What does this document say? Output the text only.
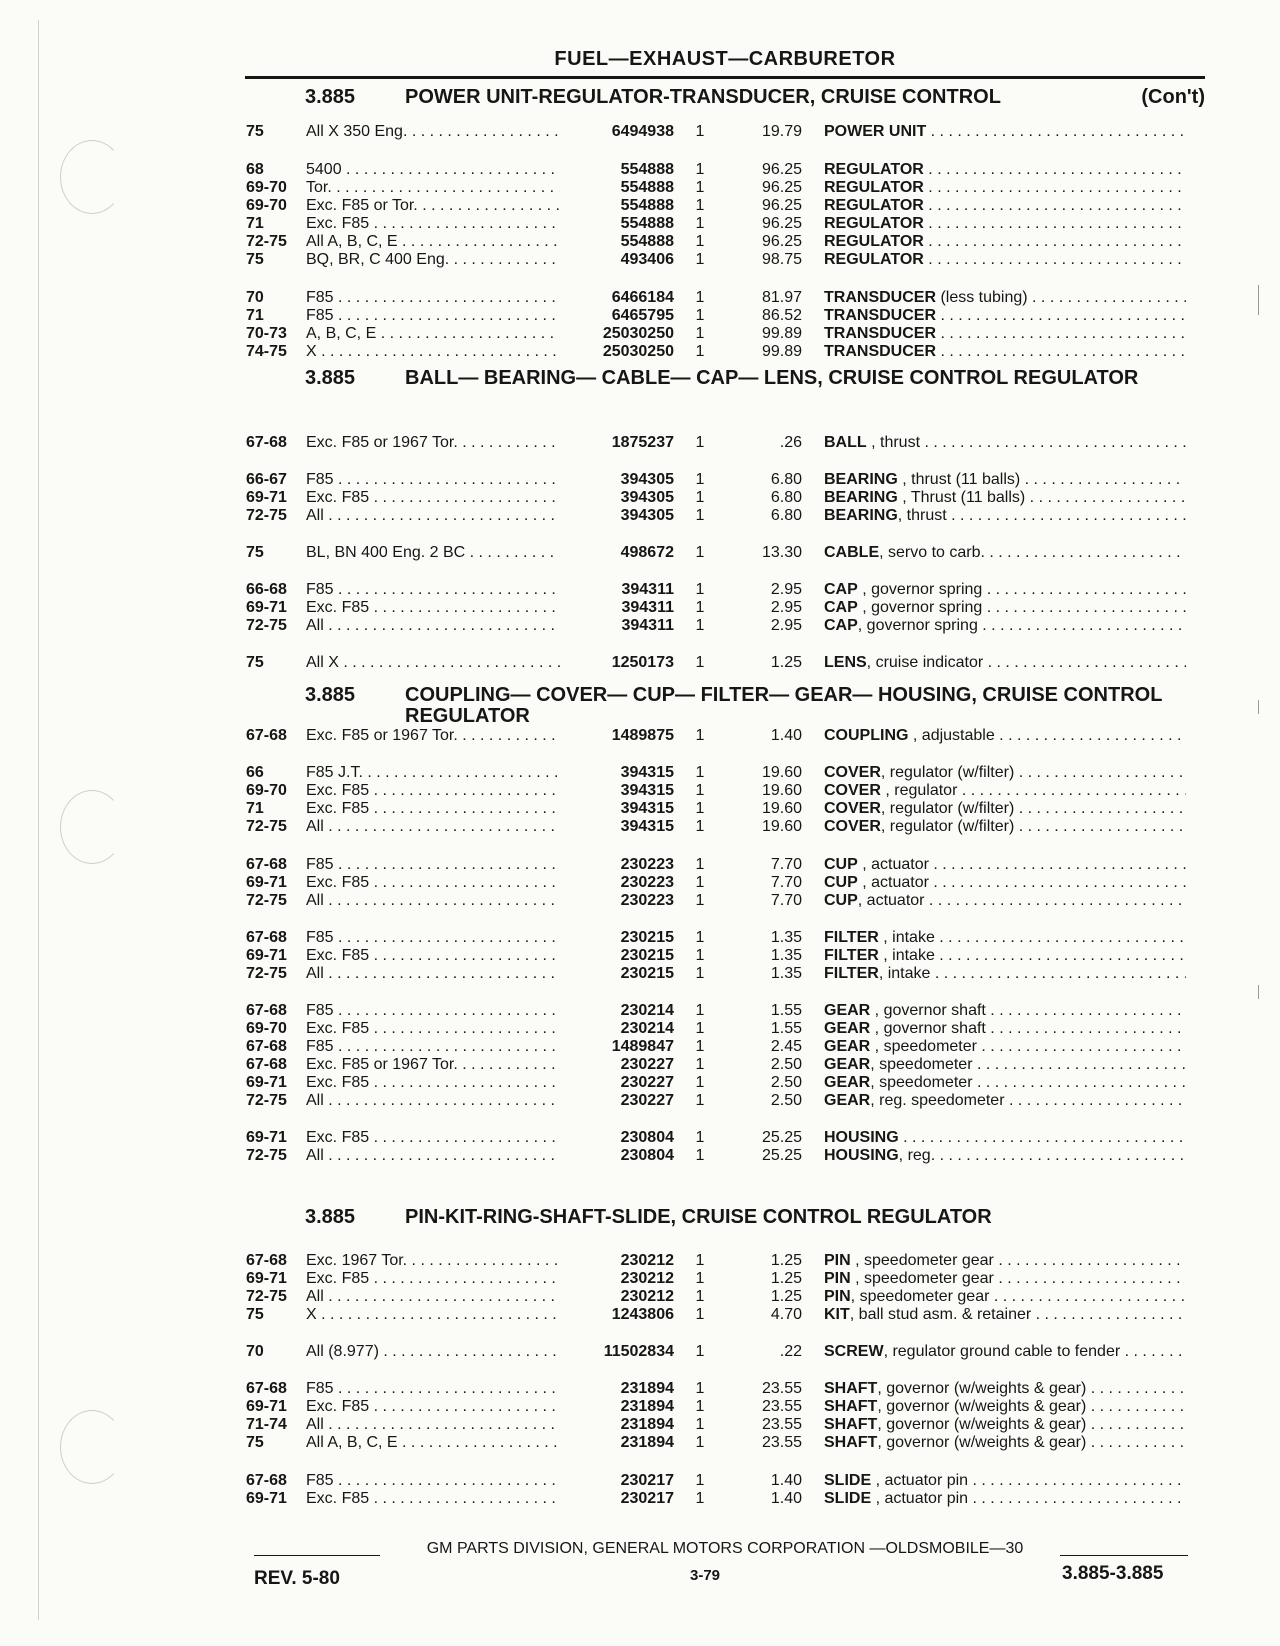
FUEL—EXHAUST—CARBURETOR
3.885 POWER UNIT-REGULATOR-TRANSDUCER, CRUISE CONTROL	(Con't)
75	All X 350 Eng. . . .	6494938	1	19.79 POWER UNIT . . .
68	5400 . . .	554888	1	96.25 REGULATOR . . .
69-70 Tor. . . .	554888	1	96.25 REGULATOR . . .
69-70 Exc. F85 or Tor. . . .	554888	1	96.25 REGULATOR . . .
71	Exc. F85 . . .	554888	1	96.25 REGULATOR . . .
72-75 All A, B, C, E . . .	554888	1	96.25 REGULATOR . . .
75	BQ, BR, C 400 Eng. . . .	493406	1	98.75 REGULATOR . . .
70	F85 . . .	6466184	1	81.97 TRANSDUCER (less tubing) . . .
71	F85 . . .	6465795	1	86.52 TRANSDUCER . . .
70-73 A, B, C, E . . .	25030250	1	99.89 TRANSDUCER . . .
74-75 X . . .	25030250	1	99.89 TRANSDUCER . . .
3.885 BALL— BEARING— CABLE— CAP— LENS, CRUISE CONTROL REGULATOR
67-68 Exc. F85 or 1967 Tor. . . .	1875237	1	.26 BALL , thrust . . .
66-67 F85 . . .	394305	1	6.80 BEARING , thrust (11 balls) . . .
69-71 Exc. F85 . . .	394305	1	6.80 BEARING , Thrust (11 balls) . . .
72-75 All . . .	394305	1	6.80 BEARING, thrust . . .
75	BL, BN 400 Eng. 2 BC . . .	498672	1	13.30 CABLE, servo to carb. . . .
66-68 F85 . . .	394311	1	2.95 CAP , governor spring . . .
69-71 Exc. F85 . . .	394311	1	2.95 CAP , governor spring . . .
72-75 All . . .	394311	1	2.95 CAP, governor spring . . .
75	All X . . .	1250173	1	1.25 LENS, cruise indicator . . .
3.885 COUPLING— COVER— CUP— FILTER— GEAR— HOUSING, CRUISE CONTROL REGULATOR
67-68 Exc. F85 or 1967 Tor. . . .	1489875	1	1.40 COUPLING , adjustable . . .
66	F85 J.T. . . .	394315	1	19.60 COVER, regulator (w/filter) . . .
69-70 Exc. F85 . . .	394315	1	19.60 COVER , regulator . . .
71	Exc. F85 . . .	394315	1	19.60 COVER, regulator (w/filter) . . .
72-75 All . . .	394315	1	19.60 COVER, regulator (w/filter) . . .
67-68 F85 . . .	230223	1	7.70 CUP , actuator . . .
69-71 Exc. F85 . . .	230223	1	7.70 CUP , actuator . . .
72-75 All . . .	230223	1	7.70 CUP, actuator . . .
67-68 F85 . . .	230215	1	1.35 FILTER , intake . . .
69-71 Exc. F85 . . .	230215	1	1.35 FILTER , intake . . .
72-75 All . . .	230215	1	1.35 FILTER, intake . . .
67-68 F85 . . .	230214	1	1.55 GEAR , governor shaft . . .
69-70 Exc. F85 . . .	230214	1	1.55 GEAR , governor shaft . . .
67-68 F85 . . .	1489847	1	2.45 GEAR , speedometer . . .
67-68 Exc. F85 or 1967 Tor. . . .	230227	1	2.50 GEAR, speedometer . . .
69-71 Exc. F85 . . .	230227	1	2.50 GEAR, speedometer . . .
72-75 All . . .	230227	1	2.50 GEAR, reg. speedometer . . .
69-71 Exc. F85 . . .	230804	1	25.25 HOUSING . . .
72-75 All . . .	230804	1	25.25 HOUSING, reg. . . .
3.885 PIN-KIT-RING-SHAFT-SLIDE, CRUISE CONTROL REGULATOR
67-68 Exc. 1967 Tor. . . .	230212	1	1.25 PIN , speedometer gear . . .
69-71 Exc. F85 . . .	230212	1	1.25 PIN , speedometer gear . . .
72-75 All . . .	230212	1	1.25 PIN, speedometer gear . . .
75	X . . .	1243806	1	4.70 KIT, ball stud asm. & retainer . . .
70	All (8.977) . . .	11502834	1	.22 SCREW, regulator ground cable to fender . . .
67-68 F85 . . .	231894	1	23.55 SHAFT, governor (w/weights & gear) . . .
69-71 Exc. F85 . . .	231894	1	23.55 SHAFT, governor (w/weights & gear) . . .
71-74 All . . .	231894	1	23.55 SHAFT, governor (w/weights & gear) . . .
75	All A, B, C, E . . .	231894	1	23.55 SHAFT, governor (w/weights & gear) . . .
67-68 F85 . . .	230217	1	1.40 SLIDE , actuator pin . . .
69-71 Exc. F85 . . .	230217	1	1.40 SLIDE , actuator pin . . .
GM PARTS DIVISION, GENERAL MOTORS CORPORATION —OLDSMOBILE—30
3-79
REV. 5-80	3.885-3.885
